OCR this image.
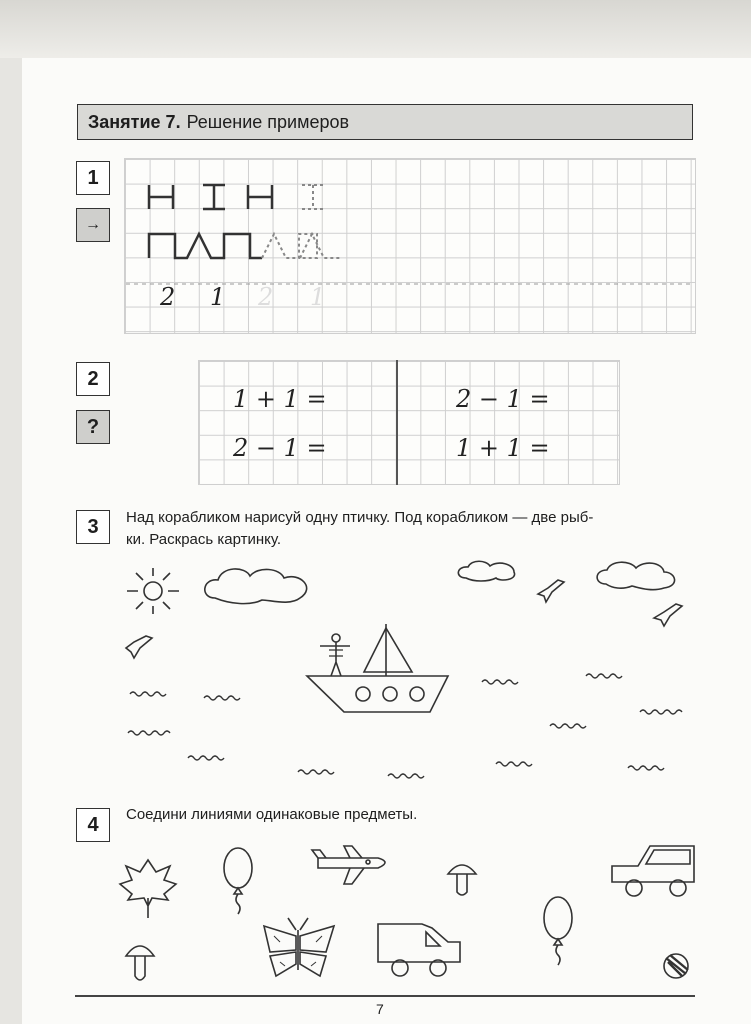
Занятие 7. Решение примеров
1
→
2 1 2 1
2
?
1 + 1 =
2 − 1 =
2 − 1 =
1 + 1 =
3	Над корабликом нарисуй одну птичку. Под корабликом — две рыб-
ки. Раскрась картинку.
4	Соедини линиями одинаковые предметы.
7
